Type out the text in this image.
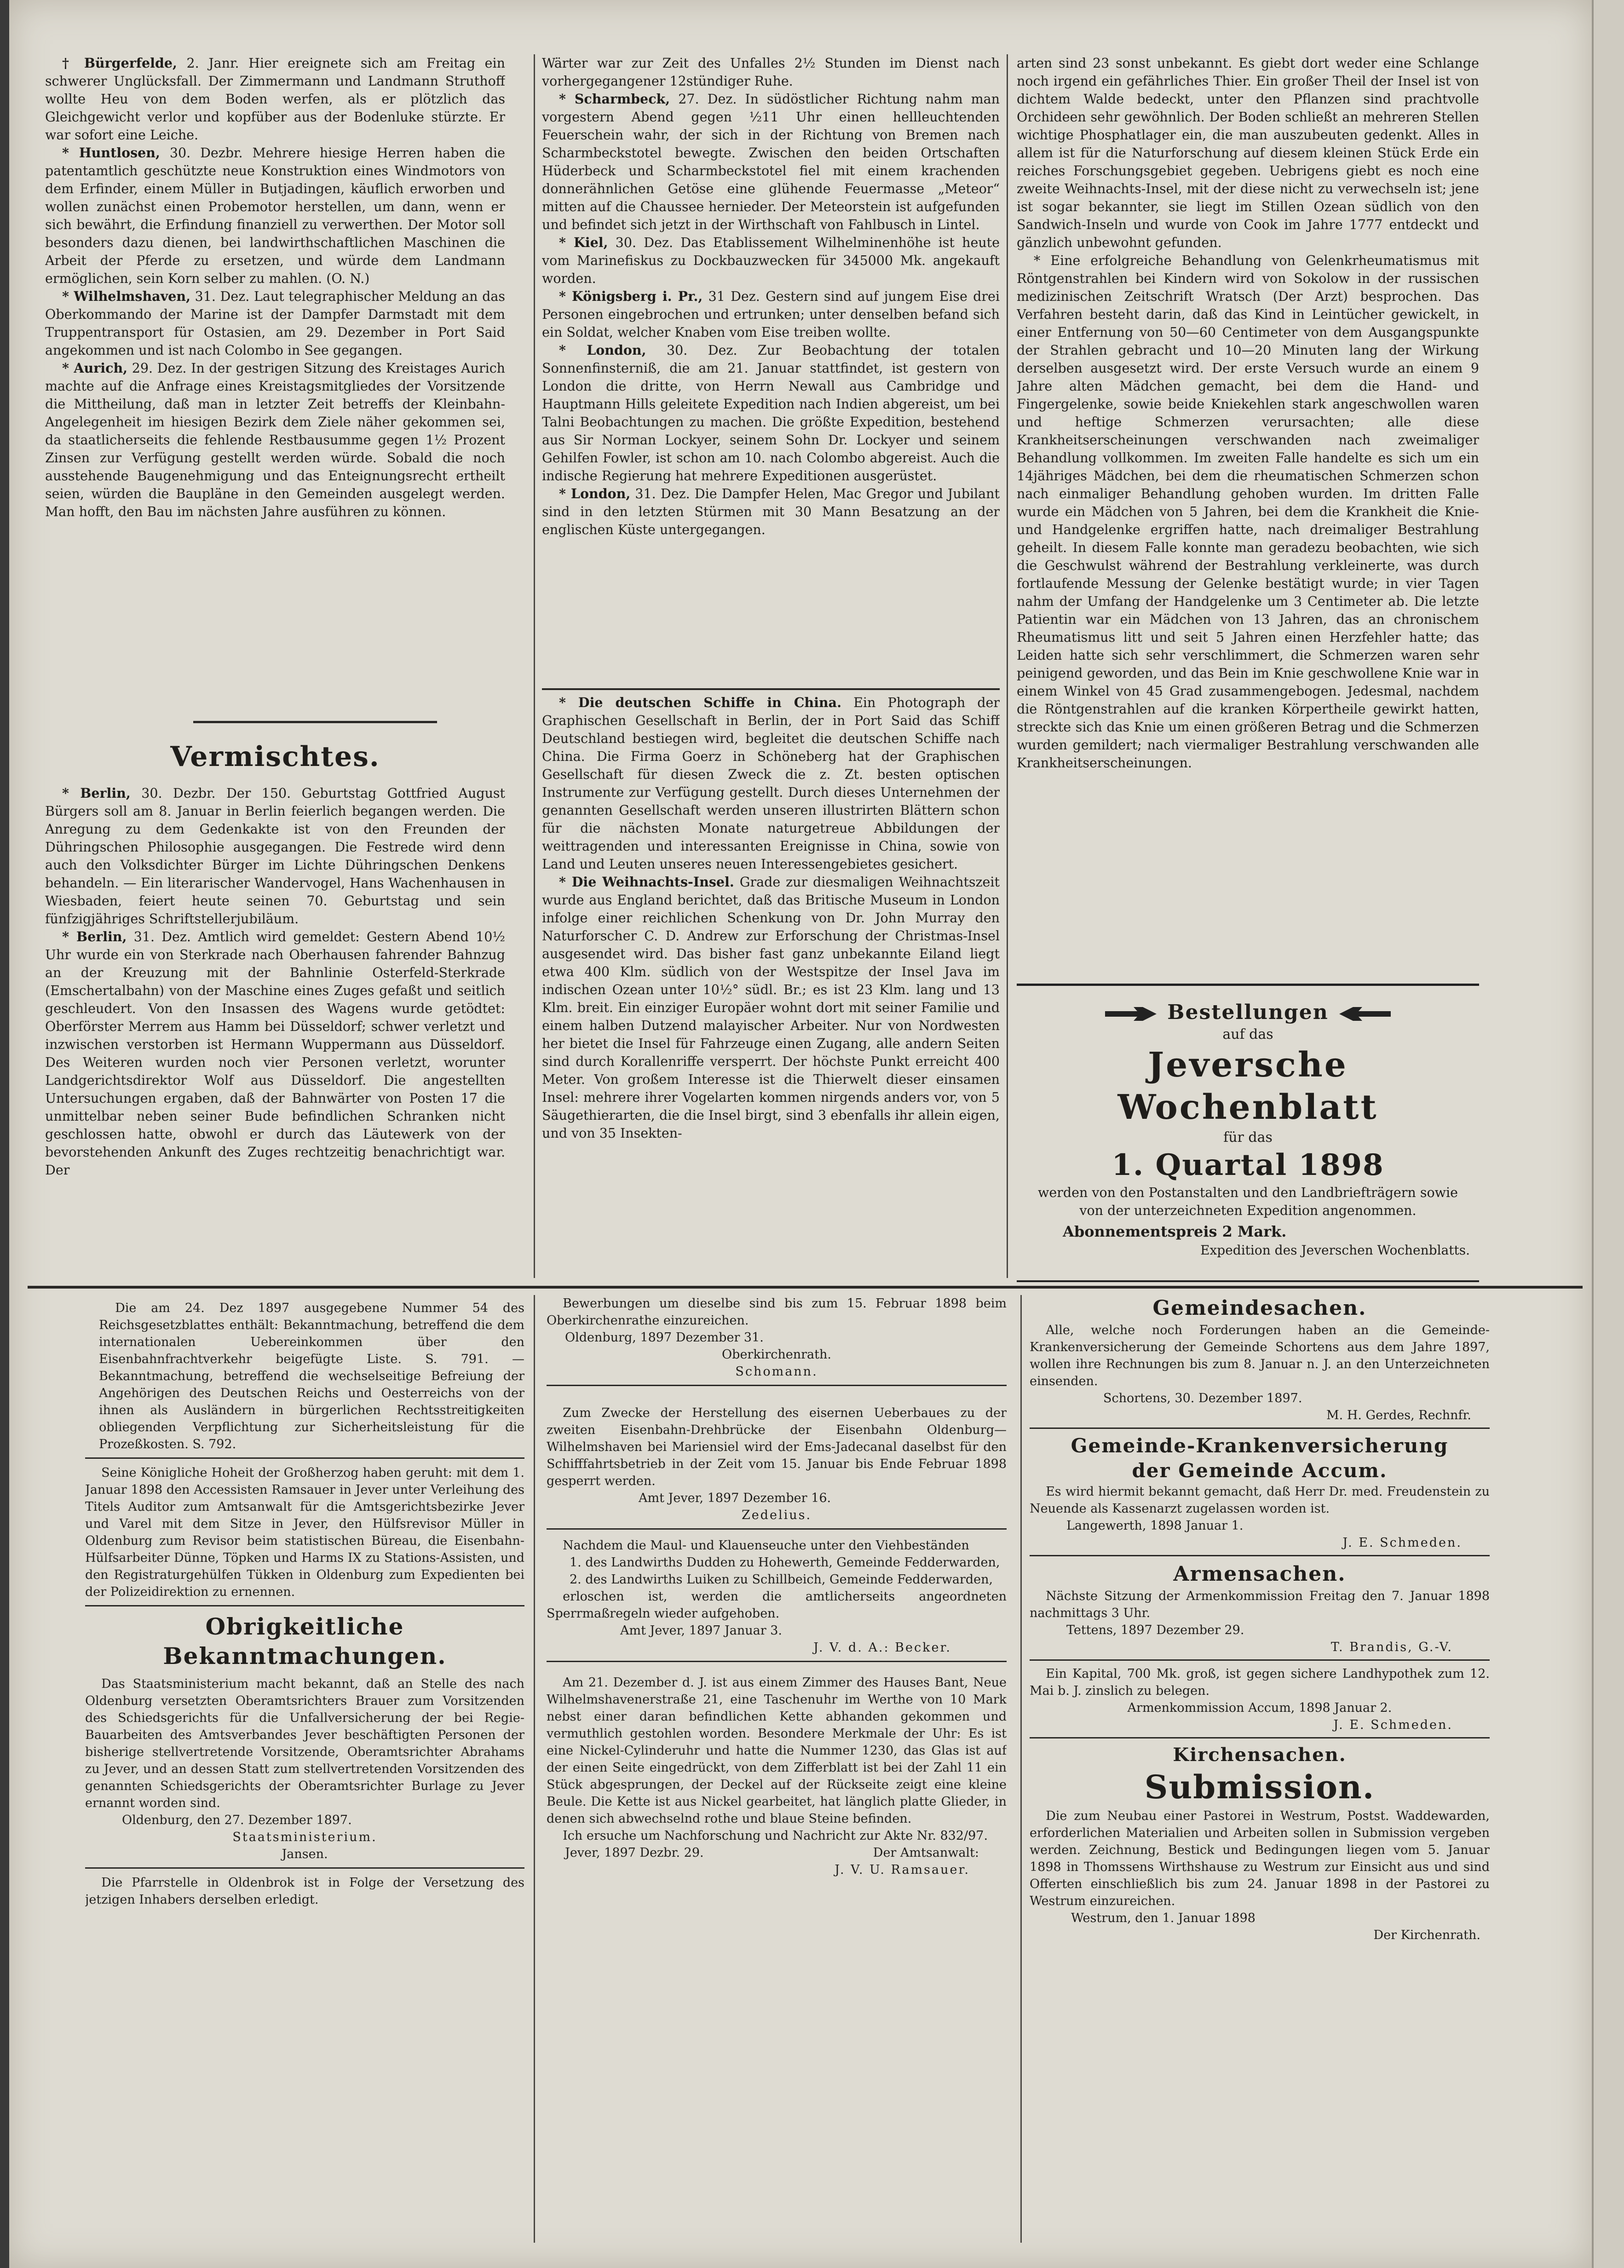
† Bürgerfelde, 2. Janr. Hier ereignete sich am Freitag ein schwerer Unglücksfall. Der Zimmermann und Landmann Struthoff wollte Heu von dem Boden werfen, als er plötzlich das Gleichgewicht verlor und kopfüber aus der Bodenluke stürzte. Er war sofort eine Leiche.

* Huntlosen, 30. Dezbr. Mehrere hiesige Herren haben die patentamtlich geschützte neue Konstruktion eines Windmotors von dem Erfinder, einem Müller in Butjadingen, käuflich erworben und wollen zunächst einen Probemotor herstellen, um dann, wenn er sich bewährt, die Erfindung finanziell zu verwerthen. Der Motor soll besonders dazu dienen, bei landwirthschaftlichen Maschinen die Arbeit der Pferde zu ersetzen, und würde dem Landmann ermöglichen, sein Korn selber zu mahlen. (O. N.)

* Wilhelmshaven, 31. Dez. Laut telegraphischer Meldung an das Oberkommando der Marine ist der Dampfer Darmstadt mit dem Truppentransport für Ostasien, am 29. Dezember in Port Said angekommen und ist nach Colombo in See gegangen.

* Aurich, 29. Dez. In der gestrigen Sitzung des Kreistages Aurich machte auf die Anfrage eines Kreistagsmitgliedes der Vorsitzende die Mittheilung, daß man in letzter Zeit betreffs der Kleinbahn-Angelegenheit im hiesigen Bezirk dem Ziele näher gekommen sei, da staatlicherseits die fehlende Restbausumme gegen 1½ Prozent Zinsen zur Verfügung gestellt werden würde. Sobald die noch ausstehende Baugenehmigung und das Enteignungsrecht ertheilt seien, würden die Baupläne in den Gemeinden ausgelegt werden. Man hofft, den Bau im nächsten Jahre ausführen zu können.

Vermischtes.

* Berlin, 30. Dezbr. Der 150. Geburtstag Gottfried August Bürgers soll am 8. Januar in Berlin feierlich begangen werden. Die Anregung zu dem Gedenkakte ist von den Freunden der Dühringschen Philosophie ausgegangen. Die Festrede wird denn auch den Volksdichter Bürger im Lichte Dühringschen Denkens behandeln. — Ein literarischer Wandervogel, Hans Wachenhausen in Wiesbaden, feiert heute seinen 70. Geburtstag und sein fünfzigjähriges Schriftstellerjubiläum.

* Berlin, 31. Dez. Amtlich wird gemeldet: Gestern Abend 10½ Uhr wurde ein von Sterkrade nach Oberhausen fahrender Bahnzug an der Kreuzung mit der Bahnlinie Osterfeld-Sterkrade (Emschertalbahn) von der Maschine eines Zuges gefaßt und seitlich geschleudert. Von den Insassen des Wagens wurde getödtet: Oberförster Merrem aus Hamm bei Düsseldorf; schwer verletzt und inzwischen verstorben ist Hermann Wuppermann aus Düsseldorf. Des Weiteren wurden noch vier Personen verletzt, worunter Landgerichtsdirektor Wolf aus Düsseldorf. Die angestellten Untersuchungen ergaben, daß der Bahnwärter von Posten 17 die unmittelbar neben seiner Bude befindlichen Schranken nicht geschlossen hatte, obwohl er durch das Läutewerk von der bevorstehenden Ankunft des Zuges rechtzeitig benachrichtigt war. Der

Wärter war zur Zeit des Unfalles 2½ Stunden im Dienst nach vorhergegangener 12stündiger Ruhe.

* Scharmbeck, 27. Dez. In südöstlicher Richtung nahm man vorgestern Abend gegen ½11 Uhr einen hellleuchtenden Feuerschein wahr, der sich in der Richtung von Bremen nach Scharmbeckstotel bewegte. Zwischen den beiden Ortschaften Hüderbeck und Scharmbeckstotel fiel mit einem krachenden donnerähnlichen Getöse eine glühende Feuermasse „Meteor“ mitten auf die Chaussee hernieder. Der Meteorstein ist aufgefunden und befindet sich jetzt in der Wirthschaft von Fahlbusch in Lintel.

* Kiel, 30. Dez. Das Etablissement Wilhelminenhöhe ist heute vom Marinefiskus zu Dockbauzwecken für 345000 Mk. angekauft worden.

* Königsberg i. Pr., 31 Dez. Gestern sind auf jungem Eise drei Personen eingebrochen und ertrunken; unter denselben befand sich ein Soldat, welcher Knaben vom Eise treiben wollte.

* London, 30. Dez. Zur Beobachtung der totalen Sonnenfinsterniß, die am 21. Januar stattfindet, ist gestern von London die dritte, von Herrn Newall aus Cambridge und Hauptmann Hills geleitete Expedition nach Indien abgereist, um bei Talni Beobachtungen zu machen. Die größte Expedition, bestehend aus Sir Norman Lockyer, seinem Sohn Dr. Lockyer und seinem Gehilfen Fowler, ist schon am 10. nach Colombo abgereist. Auch die indische Regierung hat mehrere Expeditionen ausgerüstet.

* London, 31. Dez. Die Dampfer Helen, Mac Gregor und Jubilant sind in den letzten Stürmen mit 30 Mann Besatzung an der englischen Küste untergegangen.

* Die deutschen Schiffe in China. Ein Photograph der Graphischen Gesellschaft in Berlin, der in Port Said das Schiff Deutschland bestiegen wird, begleitet die deutschen Schiffe nach China. Die Firma Goerz in Schöneberg hat der Graphischen Gesellschaft für diesen Zweck die z. Zt. besten optischen Instrumente zur Verfügung gestellt. Durch dieses Unternehmen der genannten Gesellschaft werden unseren illustrirten Blättern schon für die nächsten Monate naturgetreue Abbildungen der weittragenden und interessanten Ereignisse in China, sowie von Land und Leuten unseres neuen Interessengebietes gesichert.

* Die Weihnachts-Insel. Grade zur diesmaligen Weihnachtszeit wurde aus England berichtet, daß das Britische Museum in London infolge einer reichlichen Schenkung von Dr. John Murray den Naturforscher C. D. Andrew zur Erforschung der Christmas-Insel ausgesendet wird. Das bisher fast ganz unbekannte Eiland liegt etwa 400 Klm. südlich von der Westspitze der Insel Java im indischen Ozean unter 10½° südl. Br.; es ist 23 Klm. lang und 13 Klm. breit. Ein einziger Europäer wohnt dort mit seiner Familie und einem halben Dutzend malayischer Arbeiter. Nur von Nordwesten her bietet die Insel für Fahrzeuge einen Zugang, alle andern Seiten sind durch Korallenriffe versperrt. Der höchste Punkt erreicht 400 Meter. Von großem Interesse ist die Thierwelt dieser einsamen Insel: mehrere ihrer Vogelarten kommen nirgends anders vor, von 5 Säugethierarten, die die Insel birgt, sind 3 ebenfalls ihr allein eigen, und von 35 Insekten-

arten sind 23 sonst unbekannt. Es giebt dort weder eine Schlange noch irgend ein gefährliches Thier. Ein großer Theil der Insel ist von dichtem Walde bedeckt, unter den Pflanzen sind prachtvolle Orchideen sehr gewöhnlich. Der Boden schließt an mehreren Stellen wichtige Phosphatlager ein, die man auszubeuten gedenkt. Alles in allem ist für die Naturforschung auf diesem kleinen Stück Erde ein reiches Forschungsgebiet gegeben. Uebrigens giebt es noch eine zweite Weihnachts-Insel, mit der diese nicht zu verwechseln ist; jene ist sogar bekannter, sie liegt im Stillen Ozean südlich von den Sandwich-Inseln und wurde von Cook im Jahre 1777 entdeckt und gänzlich unbewohnt gefunden.

* Eine erfolgreiche Behandlung von Gelenkrheumatismus mit Röntgenstrahlen bei Kindern wird von Sokolow in der russischen medizinischen Zeitschrift Wratsch (Der Arzt) besprochen. Das Verfahren besteht darin, daß das Kind in Leintücher gewickelt, in einer Entfernung von 50—60 Centimeter von dem Ausgangspunkte der Strahlen gebracht und 10—20 Minuten lang der Wirkung derselben ausgesetzt wird. Der erste Versuch wurde an einem 9 Jahre alten Mädchen gemacht, bei dem die Hand- und Fingergelenke, sowie beide Kniekehlen stark angeschwollen waren und heftige Schmerzen verursachten; alle diese Krankheitserscheinungen verschwanden nach zweimaliger Behandlung vollkommen. Im zweiten Falle handelte es sich um ein 14jähriges Mädchen, bei dem die rheumatischen Schmerzen schon nach einmaliger Behandlung gehoben wurden. Im dritten Falle wurde ein Mädchen von 5 Jahren, bei dem die Krankheit die Knie- und Handgelenke ergriffen hatte, nach dreimaliger Bestrahlung geheilt. In diesem Falle konnte man geradezu beobachten, wie sich die Geschwulst während der Bestrahlung verkleinerte, was durch fortlaufende Messung der Gelenke bestätigt wurde; in vier Tagen nahm der Umfang der Handgelenke um 3 Centimeter ab. Die letzte Patientin war ein Mädchen von 13 Jahren, das an chronischem Rheumatismus litt und seit 5 Jahren einen Herzfehler hatte; das Leiden hatte sich sehr verschlimmert, die Schmerzen waren sehr peinigend geworden, und das Bein im Knie geschwollene Knie war in einem Winkel von 45 Grad zusammengebogen. Jedesmal, nachdem die Röntgenstrahlen auf die kranken Körpertheile gewirkt hatten, streckte sich das Knie um einen größeren Betrag und die Schmerzen wurden gemildert; nach viermaliger Bestrahlung verschwanden alle Krankheitserscheinungen.

Bestellungen
auf das
Jeversche Wochenblatt
für das
1. Quartal 1898
werden von den Postanstalten und den Landbriefträgern sowie von der unterzeichneten Expedition angenommen.
Abonnementspreis 2 Mark.
Expedition des Jeverschen Wochenblatts.

Die am 24. Dez 1897 ausgegebene Nummer 54 des Reichsgesetzblattes enthält: Bekanntmachung, betreffend die dem internationalen Uebereinkommen über den Eisenbahnfrachtverkehr beigefügte Liste. S. 791. — Bekanntmachung, betreffend die wechselseitige Befreiung der Angehörigen des Deutschen Reichs und Oesterreichs von der ihnen als Ausländern in bürgerlichen Rechtsstreitigkeiten obliegenden Verpflichtung zur Sicherheitsleistung für die Prozeßkosten. S. 792.

Seine Königliche Hoheit der Großherzog haben geruht: mit dem 1. Januar 1898 den Accessisten Ramsauer in Jever unter Verleihung des Titels Auditor zum Amtsanwalt für die Amtsgerichtsbezirke Jever und Varel mit dem Sitze in Jever, den Hülfsrevisor Müller in Oldenburg zum Revisor beim statistischen Büreau, die Eisenbahn-Hülfsarbeiter Dünne, Töpken und Harms IX zu Stations-Assisten, und den Registraturgehülfen Tükken in Oldenburg zum Expedienten bei der Polizeidirektion zu ernennen.

Obrigkeitliche Bekanntmachungen.

Das Staatsministerium macht bekannt, daß an Stelle des nach Oldenburg versetzten Oberamtsrichters Brauer zum Vorsitzenden des Schiedsgerichts für die Unfallversicherung der bei Regie-Bauarbeiten des Amtsverbandes Jever beschäftigten Personen der bisherige stellvertretende Vorsitzende, Oberamtsrichter Abrahams zu Jever, und an dessen Statt zum stellvertretenden Vorsitzenden des genannten Schiedsgerichts der Oberamtsrichter Burlage zu Jever ernannt worden sind.

Oldenburg, den 27. Dezember 1897.
Staatsministerium.
Jansen.

Die Pfarrstelle in Oldenbrok ist in Folge der Versetzung des jetzigen Inhabers derselben erledigt.

Bewerbungen um dieselbe sind bis zum 15. Februar 1898 beim Oberkirchenrathe einzureichen.

Oldenburg, 1897 Dezember 31.
Oberkirchenrath.
Schomann.

Zum Zwecke der Herstellung des eisernen Ueberbaues zu der zweiten Eisenbahn-Drehbrücke der Eisenbahn Oldenburg—Wilhelmshaven bei Mariensiel wird der Ems-Jadecanal daselbst für den Schifffahrtsbetrieb in der Zeit vom 15. Januar bis Ende Februar 1898 gesperrt werden.

Amt Jever, 1897 Dezember 16.
Zedelius.

Nachdem die Maul- und Klauenseuche unter den Viehbeständen

1. des Landwirths Dudden zu Hohewerth, Gemeinde Fedderwarden,

2. des Landwirths Luiken zu Schillbeich, Gemeinde Fedderwarden,

erloschen ist, werden die amtlicherseits angeordneten Sperrmaßregeln wieder aufgehoben.

Amt Jever, 1897 Januar 3.
J. V. d. A.: Becker.

Am 21. Dezember d. J. ist aus einem Zimmer des Hauses Bant, Neue Wilhelmshavenerstraße 21, eine Taschenuhr im Werthe von 10 Mark nebst einer daran befindlichen Kette abhanden gekommen und vermuthlich gestohlen worden. Besondere Merkmale der Uhr: Es ist eine Nickel-Cylinderuhr und hatte die Nummer 1230, das Glas ist auf der einen Seite eingedrückt, von dem Zifferblatt ist bei der Zahl 11 ein Stück abgesprungen, der Deckel auf der Rückseite zeigt eine kleine Beule. Die Kette ist aus Nickel gearbeitet, hat länglich platte Glieder, in denen sich abwechselnd rothe und blaue Steine befinden.

Ich ersuche um Nachforschung und Nachricht zur Akte Nr. 832/97.

Jever, 1897 Dezbr. 29.	Der Amtsanwalt:
J. V. U. Ramsauer.
Gemeindesachen.

Alle, welche noch Forderungen haben an die Gemeinde-Krankenversicherung der Gemeinde Schortens aus dem Jahre 1897, wollen ihre Rechnungen bis zum 8. Januar n. J. an den Unterzeichneten einsenden.

Schortens, 30. Dezember 1897.
M. H. Gerdes, Rechnfr.
Gemeinde-Krankenversicherung
der Gemeinde Accum.

Es wird hiermit bekannt gemacht, daß Herr Dr. med. Freudenstein zu Neuende als Kassenarzt zugelassen worden ist.

Langewerth, 1898 Januar 1.
J. E. Schmeden.
Armensachen.

Nächste Sitzung der Armenkommission Freitag den 7. Januar 1898 nachmittags 3 Uhr.

Tettens, 1897 Dezember 29.
T. Brandis, G.-V.

Ein Kapital, 700 Mk. groß, ist gegen sichere Landhypothek zum 12. Mai b. J. zinslich zu belegen.

Armenkommission Accum, 1898 Januar 2.
J. E. Schmeden.
Kirchensachen.
Submission.

Die zum Neubau einer Pastorei in Westrum, Postst. Waddewarden, erforderlichen Materialien und Arbeiten sollen in Submission vergeben werden. Zeichnung, Bestick und Bedingungen liegen vom 5. Januar 1898 in Thomssens Wirthshause zu Westrum zur Einsicht aus und sind Offerten einschließlich bis zum 24. Januar 1898 in der Pastorei zu Westrum einzureichen.

Westrum, den 1. Januar 1898
Der Kirchenrath.
